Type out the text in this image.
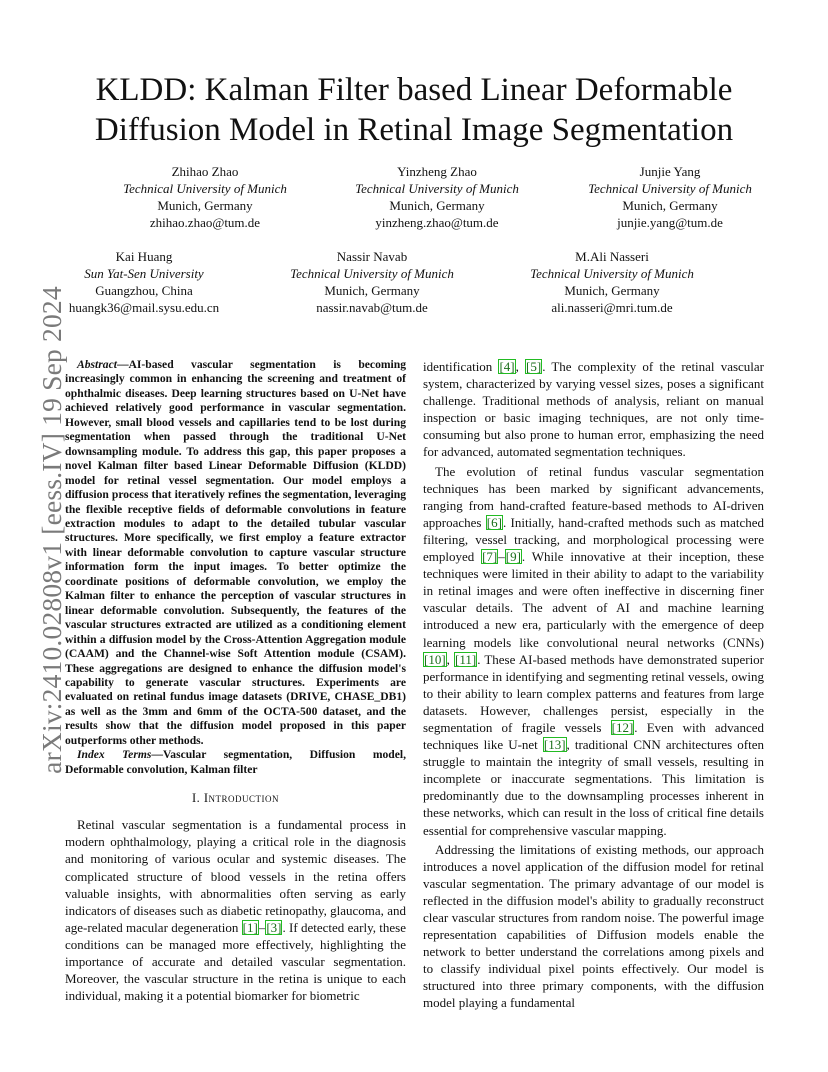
arXiv:2410.02808v1 [eess.IV] 19 Sep 2024
KLDD: Kalman Filter based Linear Deformable
Diffusion Model in Retinal Image Segmentation
Zhihao Zhao
Technical University of Munich
Munich, Germany
zhihao.zhao@tum.de
Yinzheng Zhao
Technical University of Munich
Munich, Germany
yinzheng.zhao@tum.de
Junjie Yang
Technical University of Munich
Munich, Germany
junjie.yang@tum.de
Kai Huang
Sun Yat-Sen University
Guangzhou, China
huangk36@mail.sysu.edu.cn
Nassir Navab
Technical University of Munich
Munich, Germany
nassir.navab@tum.de
M.Ali Nasseri
Technical University of Munich
Munich, Germany
ali.nasseri@mri.tum.de

Abstract—AI-based vascular segmentation is becoming increasingly common in enhancing the screening and treatment of ophthalmic diseases. Deep learning structures based on U-Net have achieved relatively good performance in vascular segmentation. However, small blood vessels and capillaries tend to be lost during segmentation when passed through the traditional U-Net downsampling module. To address this gap, this paper proposes a novel Kalman filter based Linear Deformable Diffusion (KLDD) model for retinal vessel segmentation. Our model employs a diffusion process that iteratively refines the segmentation, leveraging the flexible receptive fields of deformable convolutions in feature extraction modules to adapt to the detailed tubular vascular structures. More specifically, we first employ a feature extractor with linear deformable convolution to capture vascular structure information form the input images. To better optimize the coordinate positions of deformable convolution, we employ the Kalman filter to enhance the perception of vascular structures in linear deformable convolution. Subsequently, the features of the vascular structures extracted are utilized as a conditioning element within a diffusion model by the Cross-Attention Aggregation module (CAAM) and the Channel-wise Soft Attention module (CSAM). These aggregations are designed to enhance the diffusion model's capability to generate vascular structures. Experiments are evaluated on retinal fundus image datasets (DRIVE, CHASE_DB1) as well as the 3mm and 6mm of the OCTA-500 dataset, and the results show that the diffusion model proposed in this paper outperforms other methods.

Index Terms—Vascular segmentation, Diffusion model, Deformable convolution, Kalman filter

I. Introduction

Retinal vascular segmentation is a fundamental process in modern ophthalmology, playing a critical role in the diagnosis and monitoring of various ocular and systemic diseases. The complicated structure of blood vessels in the retina offers valuable insights, with abnormalities often serving as early indicators of diseases such as diabetic retinopathy, glaucoma, and age-related macular degeneration [1]–[3]. If detected early, these conditions can be managed more effectively, highlighting the importance of accurate and detailed vascular segmentation. Moreover, the vascular structure in the retina is unique to each individual, making it a potential biomarker for biometric

identification [4], [5]. The complexity of the retinal vascular system, characterized by varying vessel sizes, poses a significant challenge. Traditional methods of analysis, reliant on manual inspection or basic imaging techniques, are not only time-consuming but also prone to human error, emphasizing the need for advanced, automated segmentation techniques.

The evolution of retinal fundus vascular segmentation techniques has been marked by significant advancements, ranging from hand-crafted feature-based methods to AI-driven approaches [6]. Initially, hand-crafted methods such as matched filtering, vessel tracking, and morphological processing were employed [7]–[9]. While innovative at their inception, these techniques were limited in their ability to adapt to the variability in retinal images and were often ineffective in discerning finer vascular details. The advent of AI and machine learning introduced a new era, particularly with the emergence of deep learning models like convolutional neural networks (CNNs) [10], [11]. These AI-based methods have demonstrated superior performance in identifying and segmenting retinal vessels, owing to their ability to learn complex patterns and features from large datasets. However, challenges persist, especially in the segmentation of fragile vessels [12]. Even with advanced techniques like U-net [13], traditional CNN architectures often struggle to maintain the integrity of small vessels, resulting in incomplete or inaccurate segmentations. This limitation is predominantly due to the downsampling processes inherent in these networks, which can result in the loss of critical fine details essential for comprehensive vascular mapping.

Addressing the limitations of existing methods, our approach introduces a novel application of the diffusion model for retinal vascular segmentation. The primary advantage of our model is reflected in the diffusion model's ability to gradually reconstruct clear vascular structures from random noise. The powerful image representation capabilities of Diffusion models enable the network to better understand the correlations among pixels and to classify individual pixel points effectively. Our model is structured into three primary components, with the diffusion model playing a fundamental
